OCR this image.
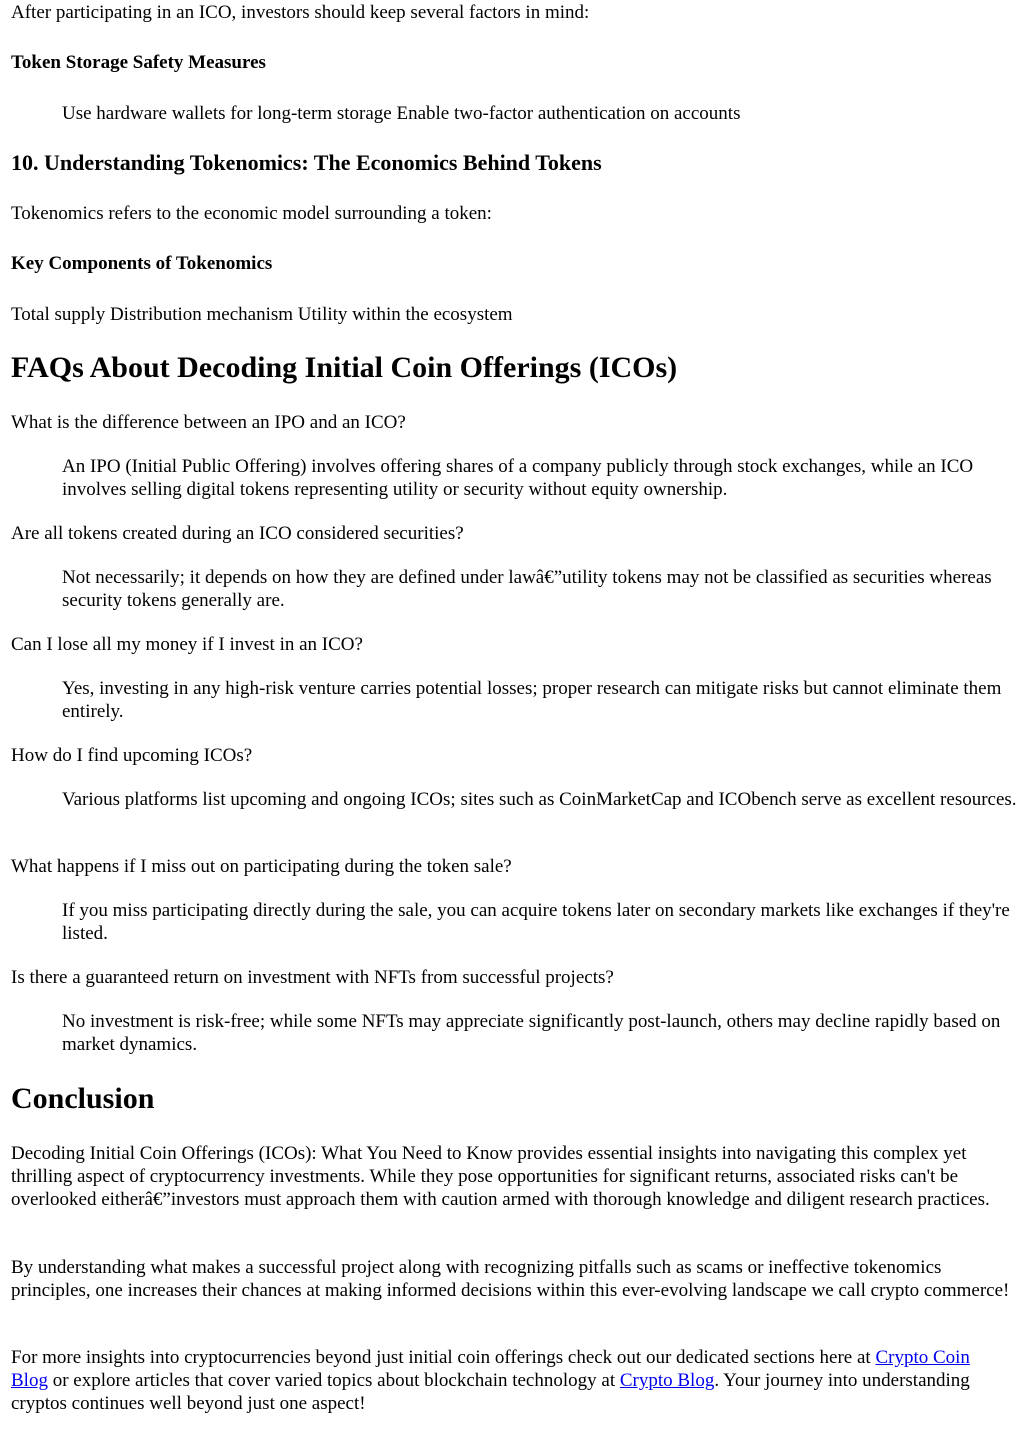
After participating in an ICO, investors should keep several factors in mind:

Token Storage Safety Measures

Use hardware wallets for long-term storage Enable two-factor authentication on accounts

10. Understanding Tokenomics: The Economics Behind Tokens

Tokenomics refers to the economic model surrounding a token:

Key Components of Tokenomics

Total supply Distribution mechanism Utility within the ecosystem

FAQs About Decoding Initial Coin Offerings (ICOs)

What is the difference between an IPO and an ICO?

An IPO (Initial Public Offering) involves offering shares of a company publicly through stock exchanges, while an ICO involves selling digital tokens representing utility or security without equity ownership.

Are all tokens created during an ICO considered securities?

Not necessarily; it depends on how they are defined under lawâ€”utility tokens may not be classified as securities whereas security tokens generally are.

Can I lose all my money if I invest in an ICO?

Yes, investing in any high-risk venture carries potential losses; proper research can mitigate risks but cannot eliminate them entirely.

How do I find upcoming ICOs?

Various platforms list upcoming and ongoing ICOs; sites such as CoinMarketCap and ICObench serve as excellent resources.

What happens if I miss out on participating during the token sale?

If you miss participating directly during the sale, you can acquire tokens later on secondary markets like exchanges if they're listed.

Is there a guaranteed return on investment with NFTs from successful projects?

No investment is risk-free; while some NFTs may appreciate significantly post-launch, others may decline rapidly based on market dynamics.

Conclusion

Decoding Initial Coin Offerings (ICOs): What You Need to Know provides essential insights into navigating this complex yet thrilling aspect of cryptocurrency investments. While they pose opportunities for significant returns, associated risks can't be overlooked eitherâ€”investors must approach them with caution armed with thorough knowledge and diligent research practices.

By understanding what makes a successful project along with recognizing pitfalls such as scams or ineffective tokenomics principles, one increases their chances at making informed decisions within this ever-evolving landscape we call crypto commerce!

For more insights into cryptocurrencies beyond just initial coin offerings check out our dedicated sections here at Crypto Coin Blog or explore articles that cover varied topics about blockchain technology at Crypto Blog. Your journey into understanding cryptos continues well beyond just one aspect!
